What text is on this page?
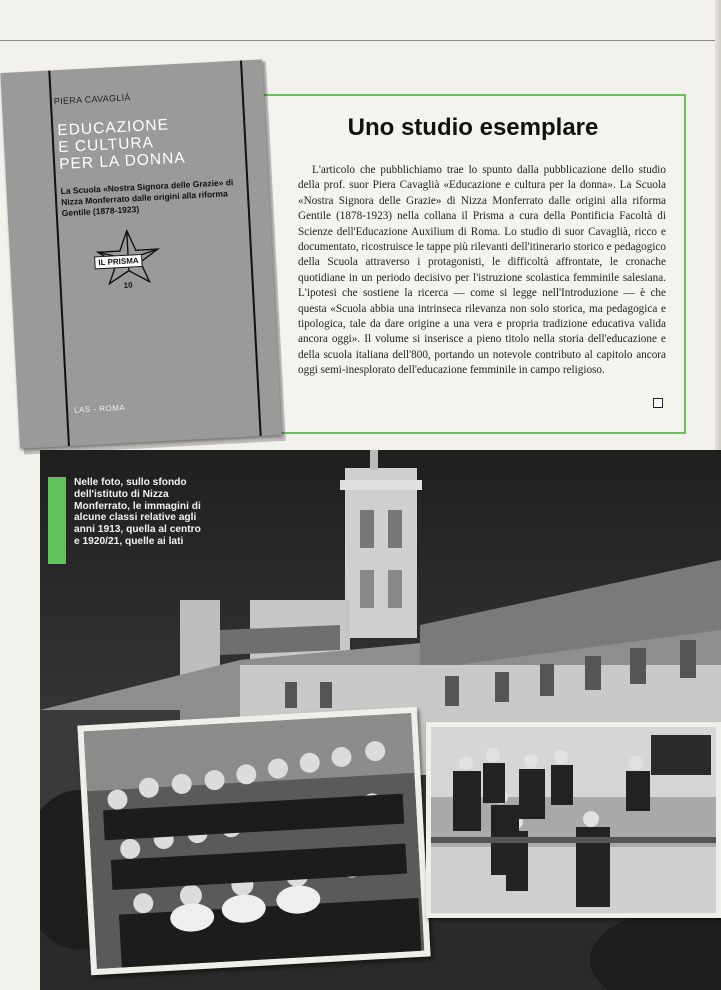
Uno studio esemplare

L'articolo che pubblichiamo trae lo spunto dalla pubblicazione dello studio della prof. suor Piera Cavaglià «Educazione e cultura per la donna». La Scuola «Nostra Signora delle Grazie» di Nizza Monferrato dalle origini alla riforma Gentile (1878-1923) nella collana il Prisma a cura della Pontificia Facoltà di Scienze dell'Educazione Auxilium di Roma. Lo studio di suor Cavaglià, ricco e documentato, ricostruisce le tappe più rilevanti dell'itinerario storico e pedagogico della Scuola attraverso i protagonisti, le difficoltà affrontate, le cronache quotidiane in un periodo decisivo per l'istruzione scolastica femminile salesiana. L'ipotesi che sostiene la ricerca — come si legge nell'Introduzione — è che questa «Scuola abbia una intrinseca rilevanza non solo storica, ma pedagogica e tipologica, tale da dare origine a una vera e propria tradizione educativa valida ancora oggi». Il volume si inserisce a pieno titolo nella storia dell'educazione e della scuola italiana dell'800, portando un notevole contributo al capitolo ancora oggi semi-inesplorato dell'educazione femminile in campo religioso.

PIERA CAVAGLIÀ
EDUCAZIONE
E CULTURA
PER LA DONNA
La Scuola «Nostra Signora delle Grazie» di Nizza Monferrato dalle origini alla riforma Gentile (1878-1923)
IL PRISMA
10
LAS - ROMA
Nelle foto, sullo sfondo dell'istituto di Nizza Monferrato, le immagini di alcune classi relative agli anni 1913, quella al centro e 1920/21, quelle ai lati
